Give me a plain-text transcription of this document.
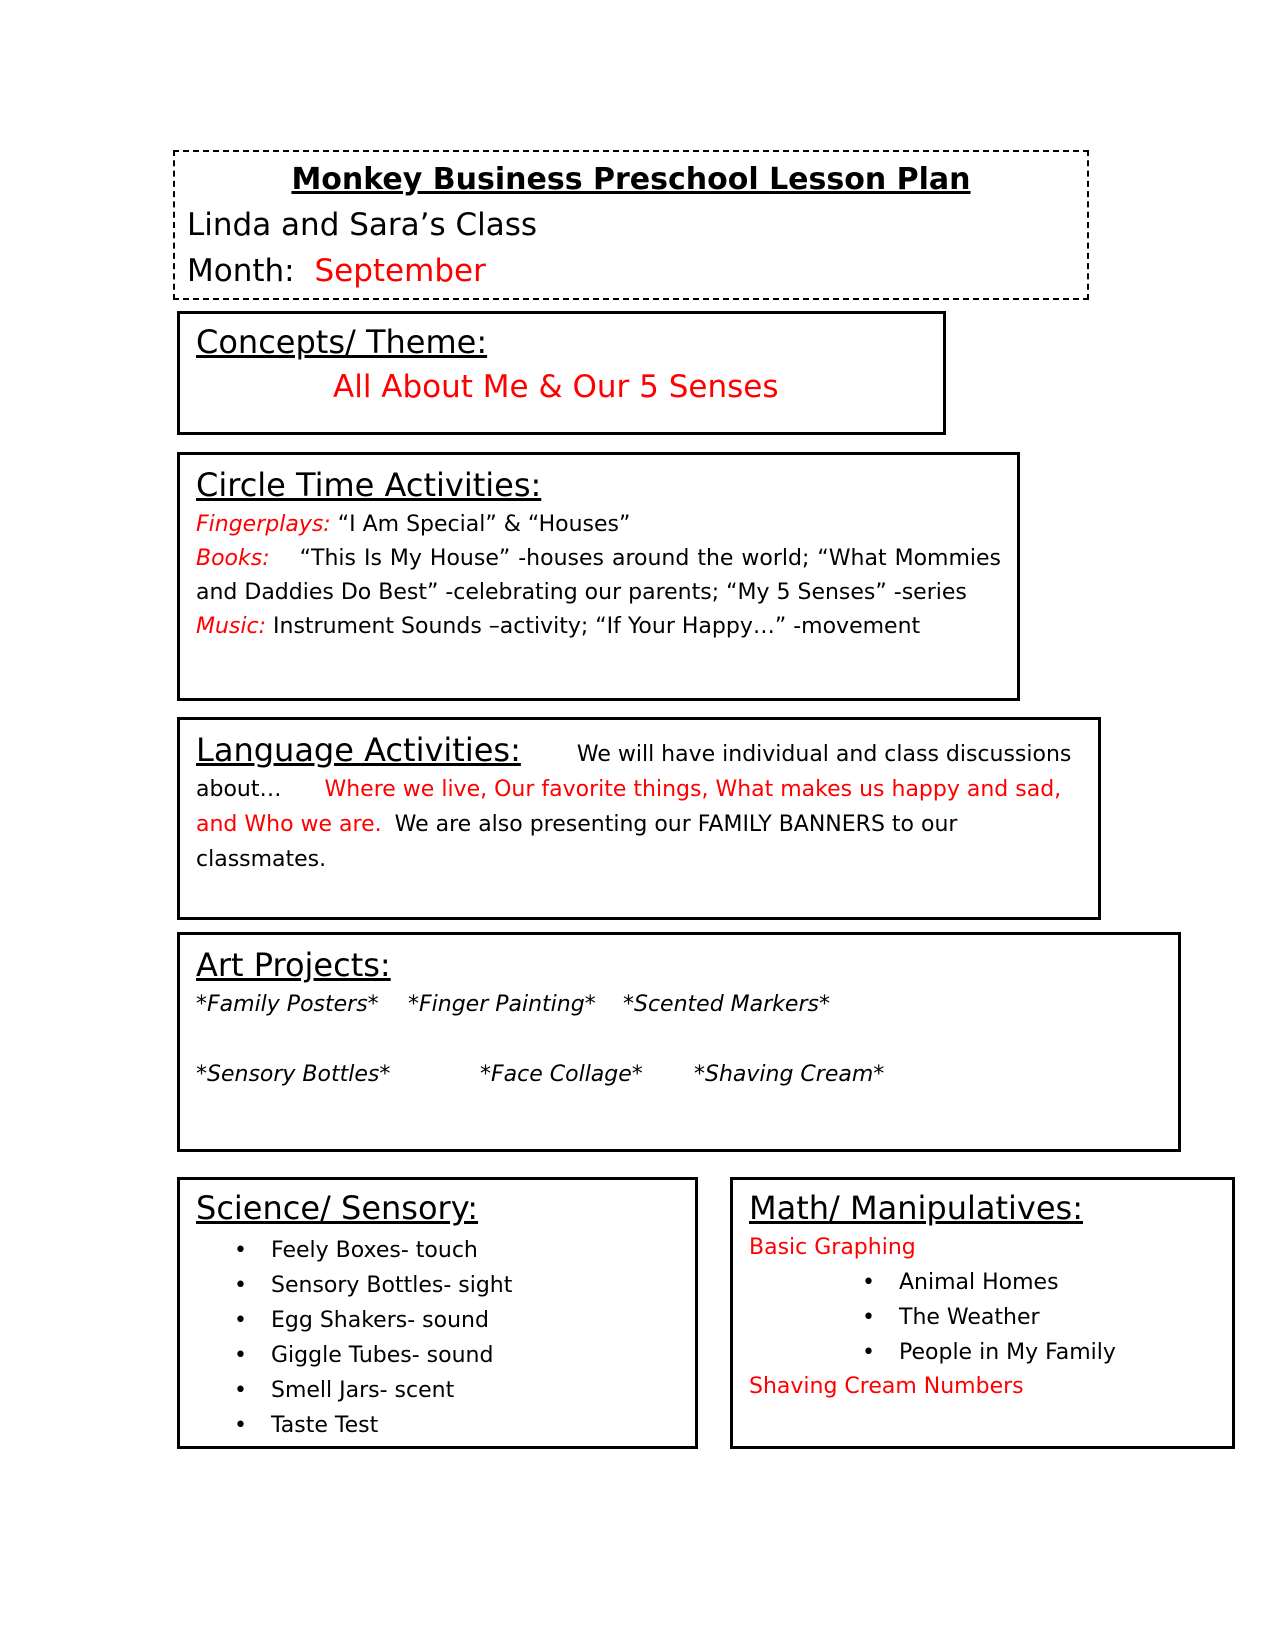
Monkey Business Preschool Lesson Plan
Linda and Sara’s Class
Month: September
Concepts/ Theme:
All About Me & Our 5 Senses
Circle Time Activities:
Fingerplays: “I Am Special” & “Houses”
Books: “This Is My House” -houses around the world; “What Mommies and Daddies Do Best” -celebrating our parents; “My 5 Senses” -series
Music: Instrument Sounds –activity; “If Your Happy…” -movement
Language Activities:	We will have individual and class discussions about… Where we live, Our favorite things, What makes us happy and sad, and Who we are. We are also presenting our FAMILY BANNERS to our classmates.
Art Projects:
*Family Posters* *Finger Painting* *Scented Markers*
*Sensory Bottles*	*Face Collage* *Shaving Cream*
Science/ Sensory:
• Feely Boxes- touch
• Sensory Bottles- sight
• Egg Shakers- sound
• Giggle Tubes- sound
• Smell Jars- scent
• Taste Test
Math/ Manipulatives:
Basic Graphing
• Animal Homes
• The Weather
• People in My Family
Shaving Cream Numbers
